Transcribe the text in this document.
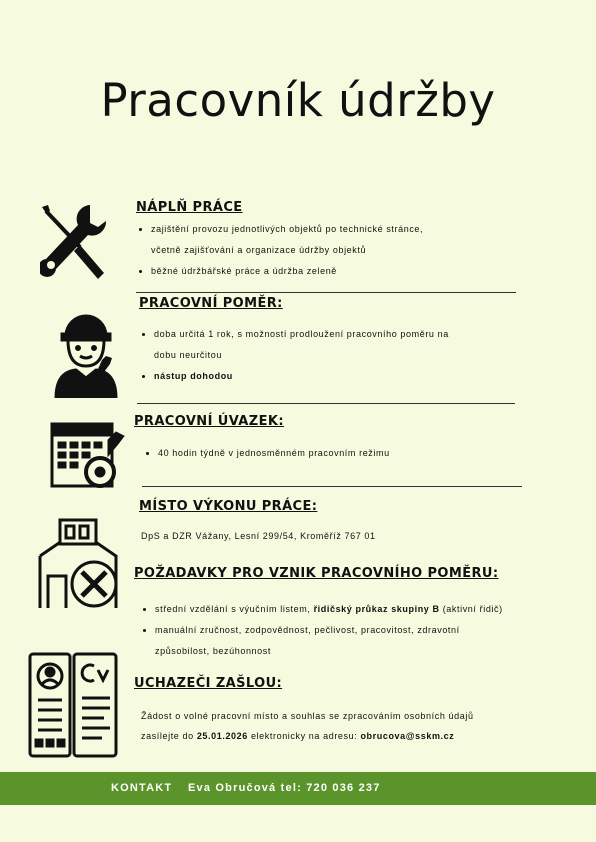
Pracovník údržby
NÁPLŇ PRÁCE
zajištění provozu jednotlivých objektů po technické stránce,
včetně zajišťování a organizace údržby objektů
běžné údržbářské práce a údržba zeleně
PRACOVNÍ POMĚR:
doba určitá 1 rok, s možností prodloužení pracovního poměru na
dobu neurčitou
nástup dohodou
PRACOVNÍ ÚVAZEK:
40 hodin týdně v jednosměnném pracovním režimu
MÍSTO VÝKONU PRÁCE:
DpS a DZR Vážany, Lesní 299/54, Kroměříž 767 01
POŽADAVKY PRO VZNIK PRACOVNÍHO POMĚRU:
střední vzdělání s výučním listem, řidičský průkaz skupiny B (aktivní řidič)
manuální zručnost, zodpovědnost, pečlivost, pracovitost, zdravotní
způsobilost, bezúhonnost
UCHAZEČI ZAŠLOU:
Žádost o volné pracovní místo a souhlas se zpracováním osobních údajů
zasílejte do 25.01.2026 elektronicky na adresu: obrucova@sskm.cz
KONTAKT Eva Obručová tel: 720 036 237
